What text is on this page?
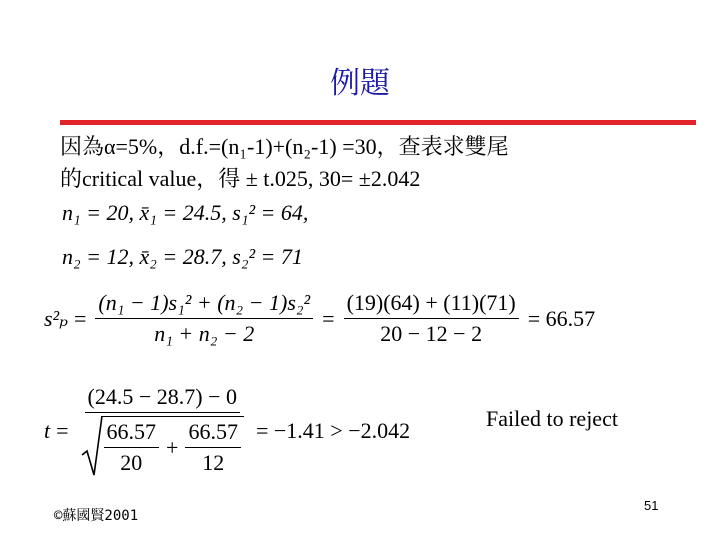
例題
因為α=5%，d.f.=(n₁-1)+(n₂-1) =30，查表求雙尾
的critical value，得 ± t.025, 30= ±2.042
n₁ = 20, x̄₁ = 24.5, s₁² = 64,
n₂ = 12, x̄₂ = 28.7, s₂² = 71
$s^2_p = \frac{\text{(n₁ − 1)s₁² + (n₂ − 1)s₂²}}{\text{n₁ + n₂ − 2}} = \frac{(19)(64) + (11)(71)}{20 - 12 - 2} = 66.57$
t =
(24.5 − 28.7) − 0
$\frac{66.57}{20} + \frac{66.57}{12} = -1.41 > -2.042$	Failed to reject
©蘇國賢2001
51
